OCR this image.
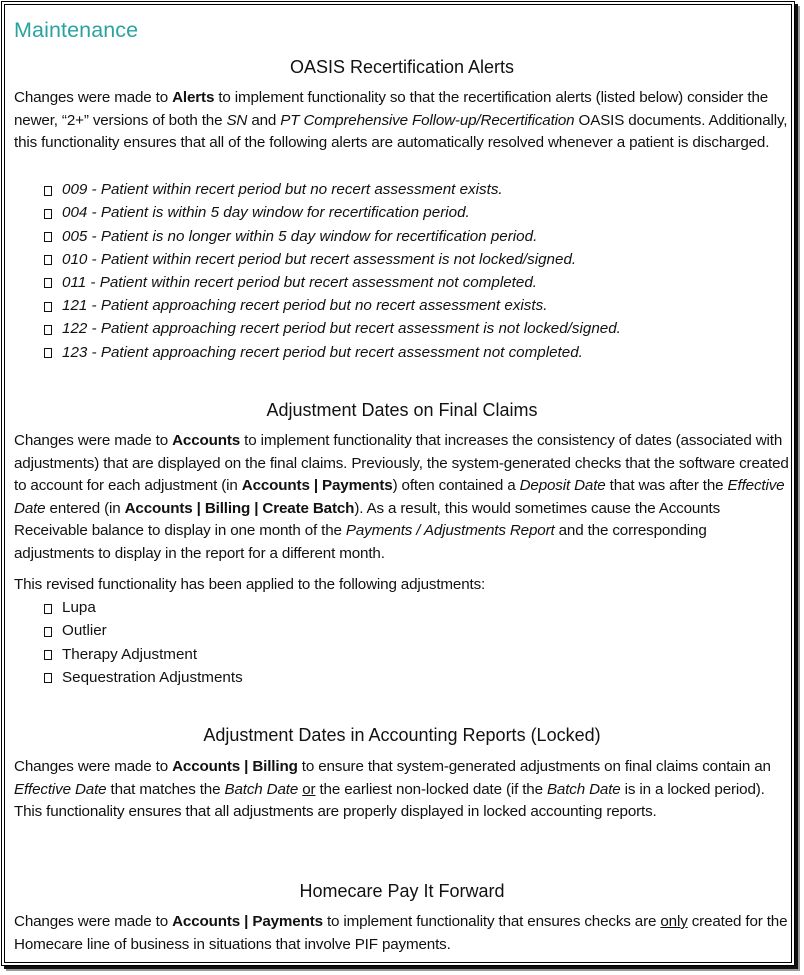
Maintenance
OASIS Recertification Alerts

Changes were made to Alerts to implement functionality so that the recertification alerts (listed below) consider the newer, “2+” versions of both the SN and PT Comprehensive Follow-up/Recertification OASIS documents. Additionally, this functionality ensures that all of the following alerts are automatically resolved whenever a patient is discharged.

009 - Patient within recert period but no recert assessment exists.
004 - Patient is within 5 day window for recertification period.
005 - Patient is no longer within 5 day window for recertification period.
010 - Patient within recert period but recert assessment is not locked/signed.
011 - Patient within recert period but recert assessment not completed.
121 - Patient approaching recert period but no recert assessment exists.
122 - Patient approaching recert period but recert assessment is not locked/signed.
123 - Patient approaching recert period but recert assessment not completed.
Adjustment Dates on Final Claims

Changes were made to Accounts to implement functionality that increases the consistency of dates (associated with adjustments) that are displayed on the final claims. Previously, the system-generated checks that the software created to account for each adjustment (in Accounts | Payments) often contained a Deposit Date that was after the Effective Date entered (in Accounts | Billing | Create Batch). As a result, this would sometimes cause the Accounts Receivable balance to display in one month of the Payments / Adjustments Report and the corresponding adjustments to display in the report for a different month.

This revised functionality has been applied to the following adjustments:

Lupa
Outlier
Therapy Adjustment
Sequestration Adjustments
Adjustment Dates in Accounting Reports (Locked)

Changes were made to Accounts | Billing to ensure that system-generated adjustments on final claims contain an Effective Date that matches the Batch Date or the earliest non-locked date (if the Batch Date is in a locked period). This functionality ensures that all adjustments are properly displayed in locked accounting reports.

Homecare Pay It Forward

Changes were made to Accounts | Payments to implement functionality that ensures checks are only created for the Homecare line of business in situations that involve PIF payments.
